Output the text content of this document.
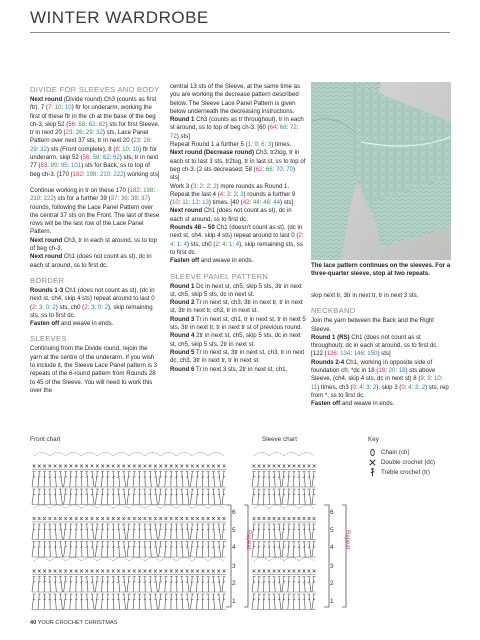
WINTER WARDROBE
DIVIDE FOR SLEEVES AND BODY

Next round (Divide round) Ch3 (counts as first ftr), 7 (7: 10: 10) ftr for underarm, working the first of these ftr in the ch at the base of the beg ch-3, skip 52 (56: 58: 62: 62) sts for first Sleeve, tr in next 20 (23: 26: 29: 32) sts, Lace Panel Pattern over next 37 sts, tr in next 20 (23: 26: 29: 32) sts (Front complete), 8 (8: 10: 10) ftr for underarm, skip 52 (56: 58: 62: 62) sts, tr in next 77 (83: 89: 95: 101) sts for Back, ss to top of beg ch-3. [170 (182: 198: 210: 222) working sts]

Continue working in tr on these 170 (182: 198: 210: 222) sts for a further 39 (37: 36: 38: 37) rounds, following the Lace Panel Pattern over the central 37 sts on the Front. The last of these rows will be the last row of the Lace Panel Pattern.

Next round Ch3, tr in each st around, ss to top of beg ch-3.

Next round Ch1 (does not count as st), dc in each st around, ss to first dc.

BORDER

Rounds 1-3 Ch1 (does not count as st), (dc in next st, ch4, skip 4 sts) repeat around to last 0 (2: 3: 0: 2) sts, ch0 (2: 3: 0: 2), skip remaining sts, ss to first dc.

Fasten off and weave in ends.

SLEEVES

Continuing from the Divide round, rejoin the yarn at the centre of the underarm. If you wish to include it, the Sleeve Lace Panel pattern is 3 repeats of the 6-round pattern from Rounds 28 to 45 of the Sleeve. You will need to work this over the

central 13 sts of the Sleeve, at the same time as you are working the decrease pattern described below. The Sleeve Lace Panel Pattern is given below underneath the decreasing instructions.

Round 1 Ch3 (counts as tr throughout), tr in each st around, ss to top of beg ch-3. [60 (64: 68: 72: 72) sts]

Repeat Round 1 a further 5 (1: 9: 6: 3) times.

Next round (Decrease round) Ch3, tr2tog, tr in each st to last 3 sts, tr2tog, tr in last st, ss to top of beg ch-3. [2 sts decreased; 58 (62: 66: 70: 70) sts]

Work 3 (3: 2: 2: 2) more rounds as Round 1. Repeat the last 4 (4: 3: 3: 3) rounds a further 9 (10: 11: 12: 13) times. [40 (42: 44: 46: 44) sts]

Next round Ch1 (does not count as st), dc in each st around, ss to first dc.

Rounds 48 – 50 Ch1 (doesn't count as st), (dc in next st, ch4, skip 4 sts) repeat around to last 0 (2: 4: 1: 4) sts, ch0 (2: 4: 1: 4), skip remaining sts, ss to first dc.

Fasten off and weave in ends.

SLEEVE PANEL PATTERN

Round 1 Dc in next st, ch5, skip 5 sts, 3tr in next st, ch5, skip 5 sts, dc in next st.

Round 2 Tr in next st, ch3, 3tr in next tr, tr in next st, 3tr in next tr, ch3, tr in next st.

Round 3 Tr in next st, ch1, tr in next st, tr in next 5 sts, 3tr in next tr, tr in next tr st of previous round.

Round 4 2tr in next st, ch5, skip 5 sts, dc in next st, ch5, skip 5 sts, 2tr in next st.

Round 5 Tr in next st, 3tr in next st, ch3, tr in next dc, ch3, 3tr in next tr, tr in next st.

Round 6 Tr in next 3 sts, 2tr in next st, ch1,

The lace pattern continues on the sleeves. For a three-quarter sleeve, stop at two repeats.

skip next tr, 3tr in next tr, tr in next 3 sts.

NECKBAND

Join the yarn between the Back and the Right Sleeve.

Round 1 (RS) Ch1 (does not count as st throughout); dc in each st around, ss to first dc. [122 (126: 134: 146: 150) sts]

Rounds 2-4 Ch1, working in opposite side of foundation ch; *dc in 18 (18: 20: 18) sts above Sleeve, (ch4, skip 4 sts, dc in next st) 8 (9: 9: 10: 11) times, ch3 (0: 4: 3: 2), skip 3 (0: 4: 3: 2) sts; rep from *, ss to first dc.

Fasten off and weave in ends.

Front chart	Sleeve chart	Key
Chain (ch)
Double crochet (dc)
Treble crochet (tr)
6
5
4
3
2
1
Repeat
6
5
4
3
2
1
Repeat
40 YOUR CROCHET CHRISTMAS
